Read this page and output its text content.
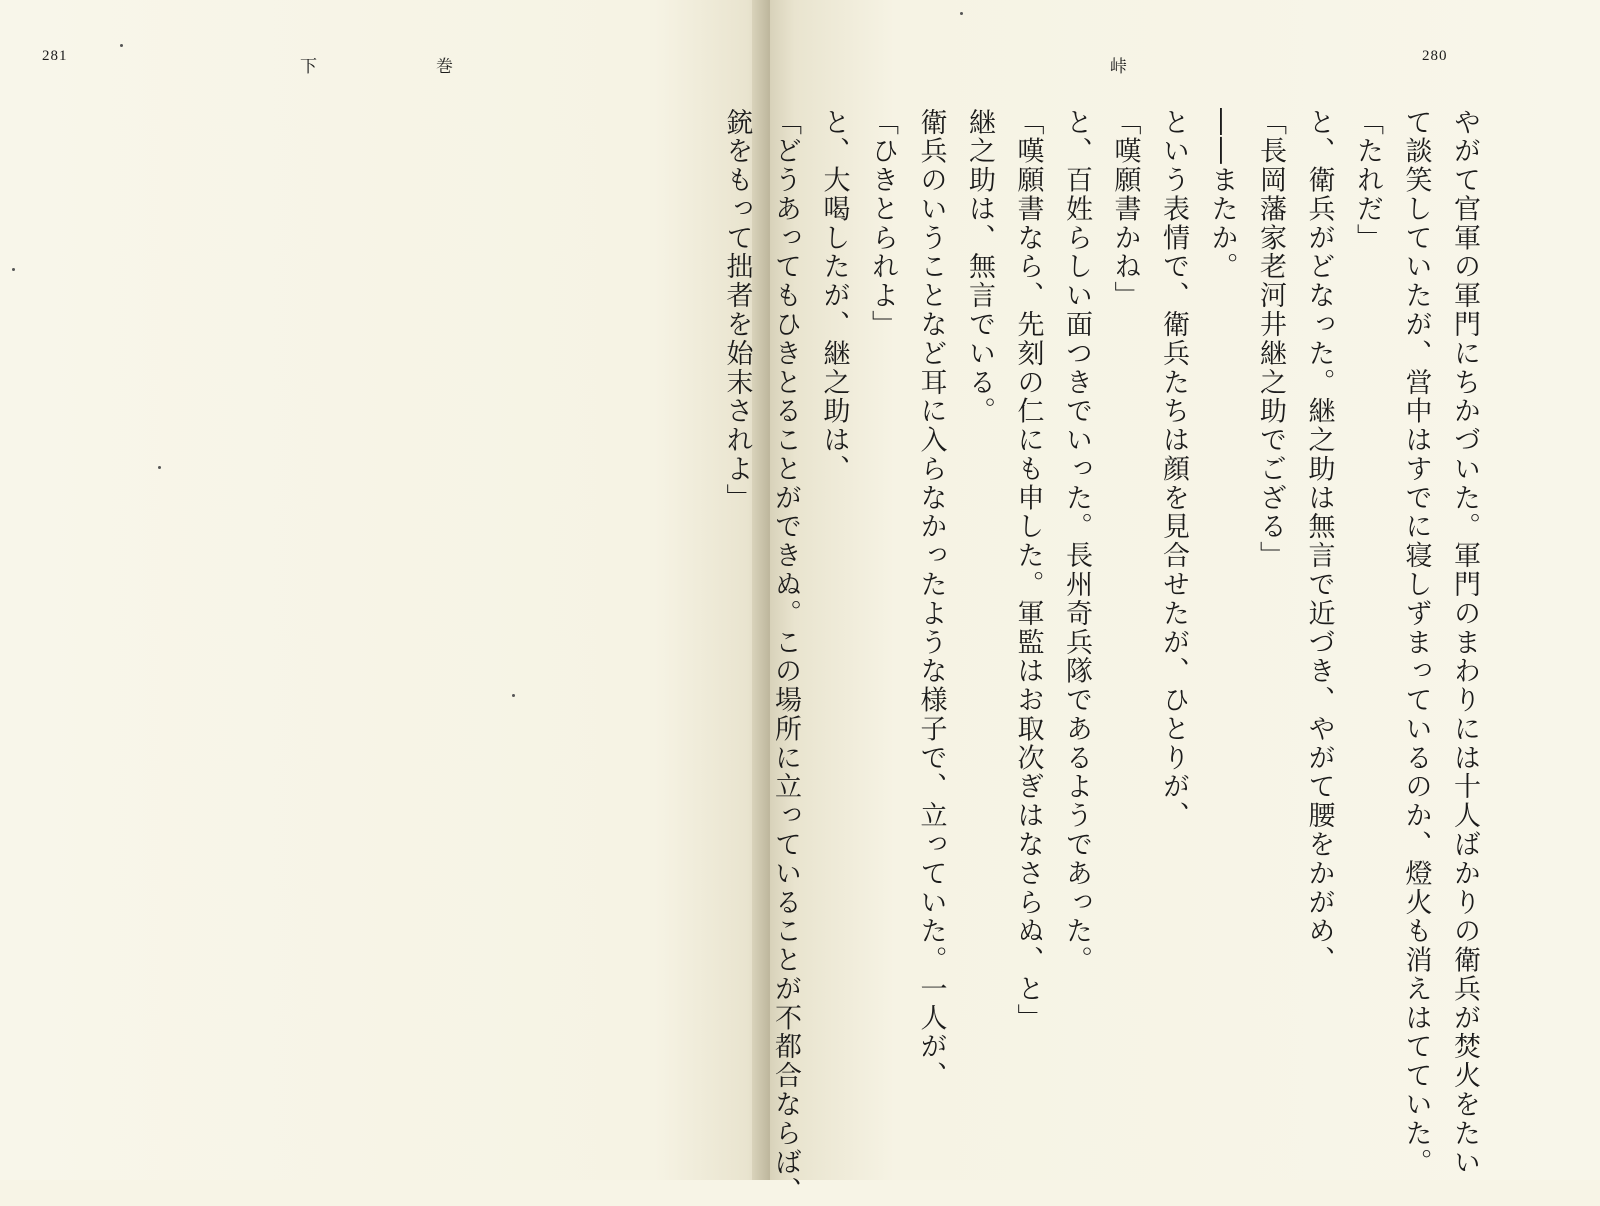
281
下	巻
280
峠
やがて官軍の軍門にちかづいた。軍門のまわりには十人ばかりの衛兵が焚火をたい
て談笑していたが、営中はすでに寝しずまっているのか、燈火も消えはてていた。
「たれだ」
と、衛兵がどなった。継之助は無言で近づき、やがて腰をかがめ、
「長岡藩家老河井継之助でござる」
――またか。
という表情で、衛兵たちは顔を見合せたが、ひとりが、
「嘆願書かね」
と、百姓らしい面つきでいった。長州奇兵隊であるようであった。
「嘆願書なら、先刻の仁にも申した。軍監はお取次ぎはなさらぬ、と」
継之助は、無言でいる。
衛兵のいうことなど耳に入らなかったような様子で、立っていた。一人が、
「ひきとられよ」
と、大喝したが、継之助は、
「どうあってもひきとることができぬ。この場所に立っていることが不都合ならば、
銃をもって拙者を始末されよ」
